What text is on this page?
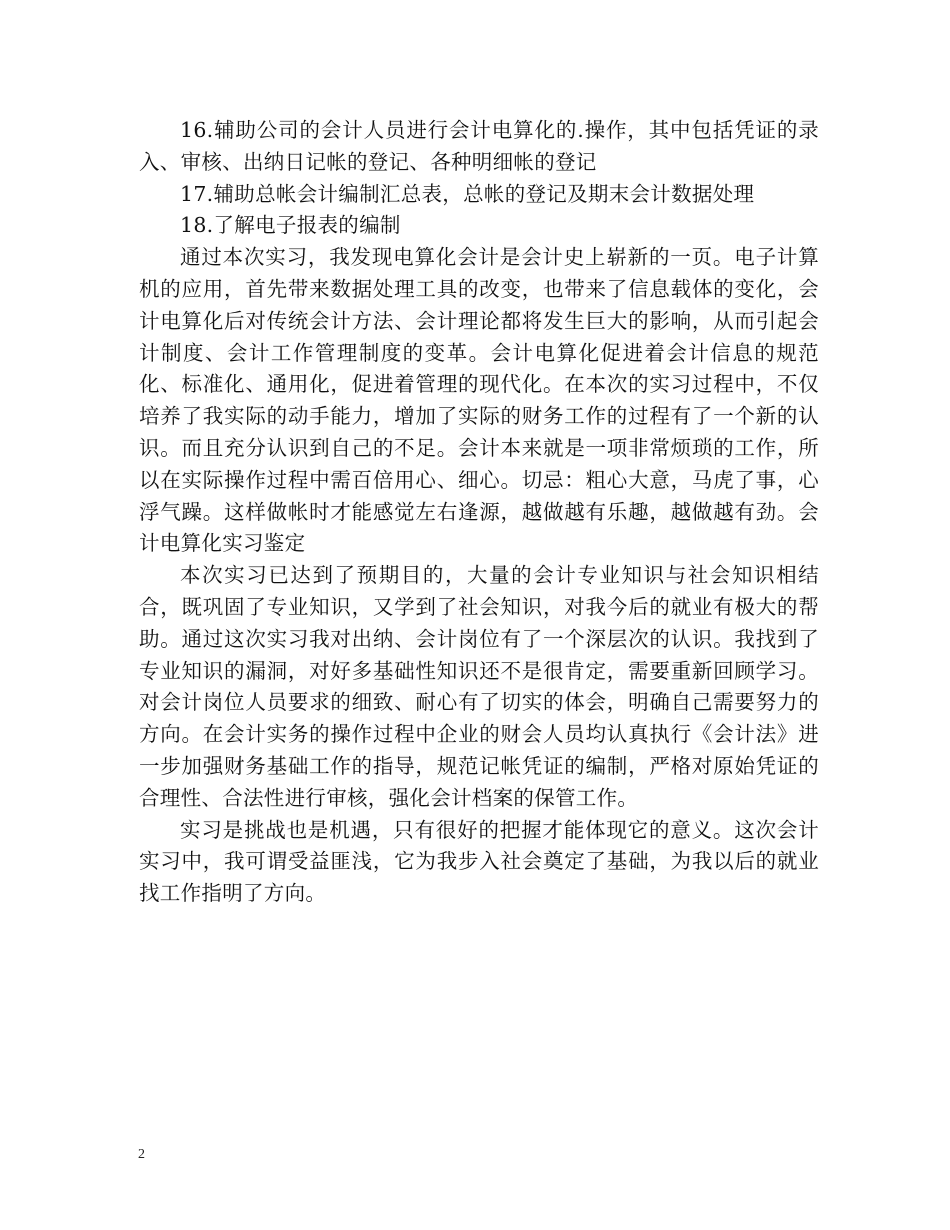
16.辅助公司的会计人员进行会计电算化的.操作，其中包括凭证的录入、审核、出纳日记帐的登记、各种明细帐的登记

17.辅助总帐会计编制汇总表，总帐的登记及期末会计数据处理

18.了解电子报表的编制

通过本次实习，我发现电算化会计是会计史上崭新的一页。电子计算机的应用，首先带来数据处理工具的改变，也带来了信息载体的变化，会计电算化后对传统会计方法、会计理论都将发生巨大的影响，从而引起会计制度、会计工作管理制度的变革。会计电算化促进着会计信息的规范化、标准化、通用化，促进着管理的现代化。在本次的实习过程中，不仅培养了我实际的动手能力，增加了实际的财务工作的过程有了一个新的认识。而且充分认识到自己的不足。会计本来就是一项非常烦琐的工作，所以在实际操作过程中需百倍用心、细心。切忌：粗心大意，马虎了事，心浮气躁。这样做帐时才能感觉左右逢源，越做越有乐趣，越做越有劲。会计电算化实习鉴定

本次实习已达到了预期目的，大量的会计专业知识与社会知识相结合，既巩固了专业知识，又学到了社会知识，对我今后的就业有极大的帮助。通过这次实习我对出纳、会计岗位有了一个深层次的认识。我找到了专业知识的漏洞，对好多基础性知识还不是很肯定，需要重新回顾学习。对会计岗位人员要求的细致、耐心有了切实的体会，明确自己需要努力的方向。在会计实务的操作过程中企业的财会人员均认真执行《会计法》进一步加强财务基础工作的指导，规范记帐凭证的编制，严格对原始凭证的合理性、合法性进行审核，强化会计档案的保管工作。

实习是挑战也是机遇，只有很好的把握才能体现它的意义。这次会计实习中，我可谓受益匪浅，它为我步入社会奠定了基础，为我以后的就业找工作指明了方向。

2
